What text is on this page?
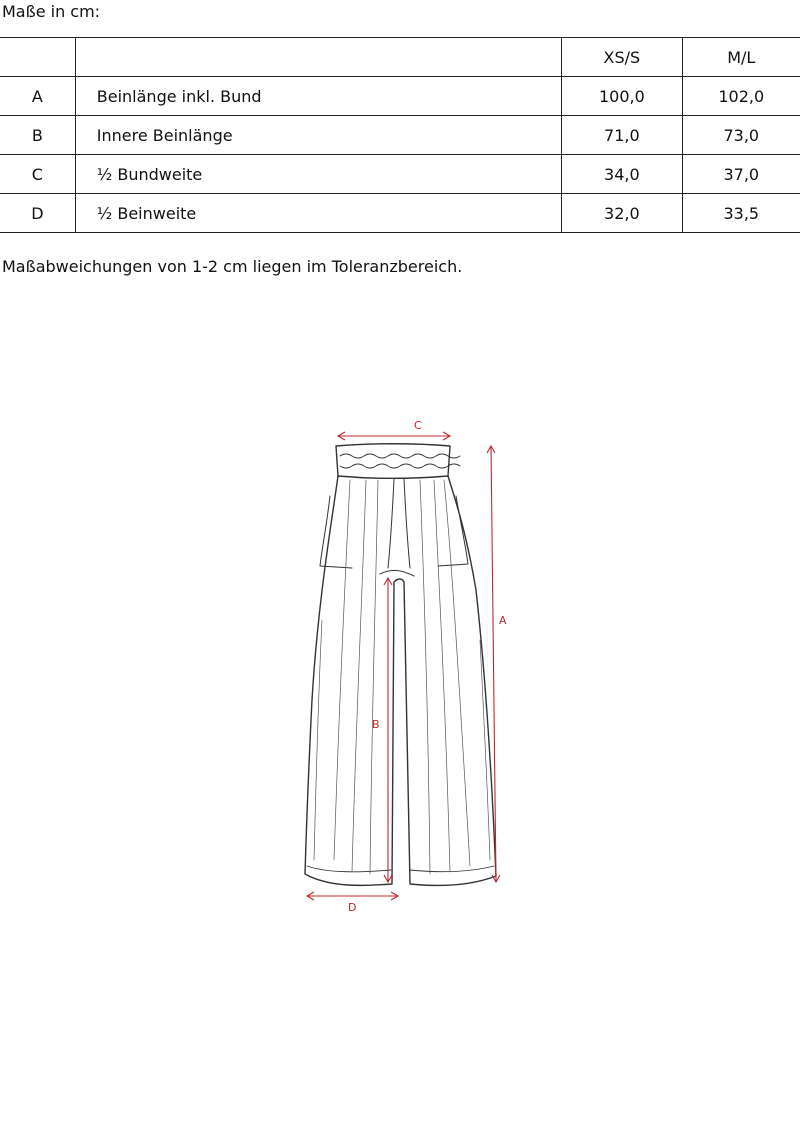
Maße in cm:
		XS/S	M/L
A	Beinlänge inkl. Bund	100,0	102,0
B	Innere Beinlänge	71,0	73,0
C	½ Bundweite	34,0	37,0
D	½ Beinweite	32,0	33,5
Maßabweichungen von 1-2 cm liegen im Toleranzbereich.
C
A
B
D
